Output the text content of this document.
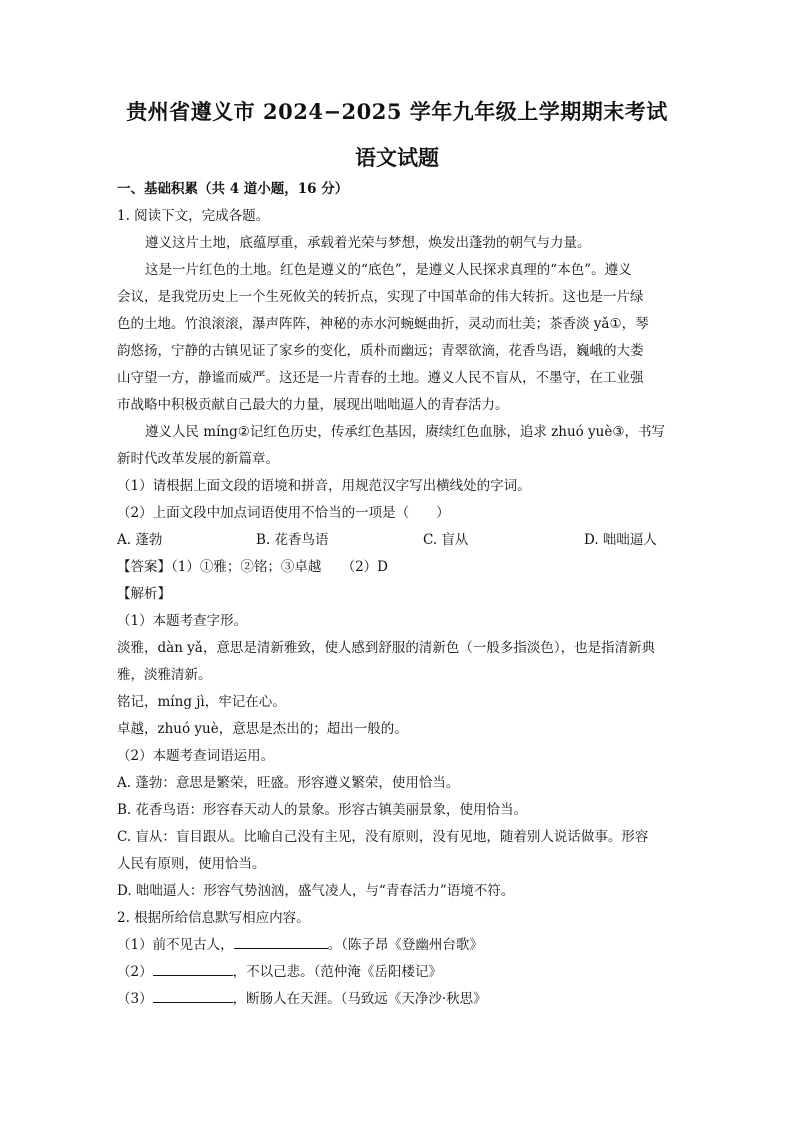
贵州省遵义市 2024−2025 学年九年级上学期期末考试
语文试题
一、基础积累（共 4 道小题，16 分）
1. 阅读下文，完成各题。
遵义这片土地，底蕴厚重，承载着光荣与梦想，焕发出蓬勃的朝气与力量。
这是一片红色的土地。红色是遵义的“底色”，是遵义人民探求真理的“本色”。遵义
会议，是我党历史上一个生死攸关的转折点，实现了中国革命的伟大转折。这也是一片绿
色的土地。竹浪滚滚，瀑声阵阵，神秘的赤水河蜿蜒曲折，灵动而壮美；茶香淡 yǎ①，琴
韵悠扬，宁静的古镇见证了家乡的变化，质朴而幽远；青翠欲滴，花香鸟语，巍峨的大娄
山守望一方，静谧而威严。这还是一片青春的土地。遵义人民不盲从，不墨守，在工业强
市战略中积极贡献自己最大的力量，展现出咄咄逼人的青春活力。
遵义人民 míng②记红色历史，传承红色基因，赓续红色血脉，追求 zhuó yuè③，书写
新时代改革发展的新篇章。
（1）请根据上面文段的语境和拼音，用规范汉字写出横线处的字词。
（2）上面文段中加点词语使用不恰当的一项是（　　）
A. 蓬勃	B. 花香鸟语	C. 盲从	D. 咄咄逼人
【答案】（1）①雅；②铭；③卓越　　（2）D
【解析】
（1）本题考查字形。
淡雅，dàn yǎ，意思是清新雅致，使人感到舒服的清新色（一般多指淡色），也是指清新典
雅，淡雅清新。
铭记，míng jì，牢记在心。
卓越，zhuó yuè，意思是杰出的；超出一般的。
（2）本题考查词语运用。
A. 蓬勃：意思是繁荣，旺盛。形容遵义繁荣，使用恰当。
B. 花香鸟语：形容春天动人的景象。形容古镇美丽景象，使用恰当。
C. 盲从：盲目跟从。比喻自己没有主见，没有原则，没有见地，随着别人说话做事。形容
人民有原则，使用恰当。
D. 咄咄逼人：形容气势汹汹，盛气凌人，与“青春活力”语境不符。
2. 根据所给信息默写相应内容。
（1）前不见古人，	。（陈子昂《登幽州台歌》
（2）	，不以己悲。（范仲淹《岳阳楼记》
（3）	，断肠人在天涯。（马致远《天净沙·秋思》
